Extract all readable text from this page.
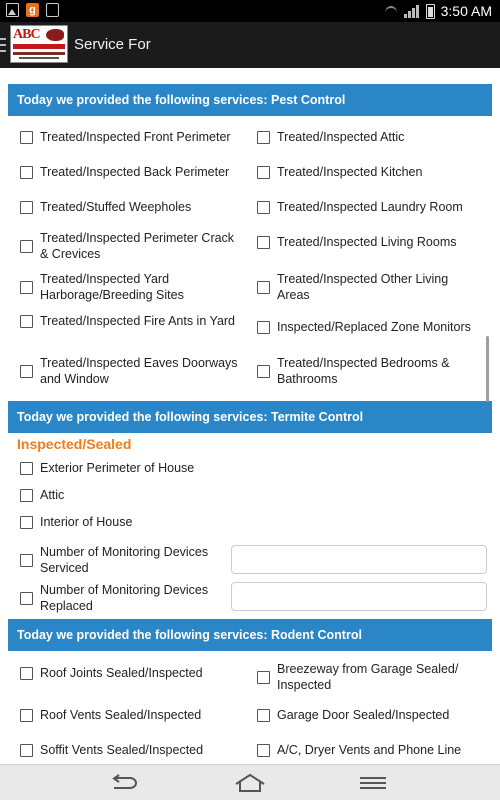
g	3:50 AM
ABC
Service For
Today we provided the following services: Pest Control
Treated/Inspected Front Perimeter
Treated/Inspected Back Perimeter
Treated/Stuffed Weepholes
Treated/Inspected Perimeter Crack & Crevices
Treated/Inspected Yard Harborage/Breeding Sites
Treated/Inspected Fire Ants in Yard
Treated/Inspected Eaves Doorways and Window
Treated/Inspected Attic
Treated/Inspected Kitchen
Treated/Inspected Laundry Room
Treated/Inspected Living Rooms
Treated/Inspected Other Living Areas
Inspected/Replaced Zone Monitors
Treated/Inspected Bedrooms & Bathrooms
Today we provided the following services: Termite Control
Inspected/Sealed
Exterior Perimeter of House
Attic
Interior of House
Number of Monitoring Devices Serviced
Number of Monitoring Devices Replaced
Today we provided the following services: Rodent Control
Roof Joints Sealed/Inspected
Roof Vents Sealed/Inspected
Soffit Vents Sealed/Inspected
Breezeway from Garage Sealed/ Inspected
Garage Door Sealed/Inspected
A/C, Dryer Vents and Phone Line
